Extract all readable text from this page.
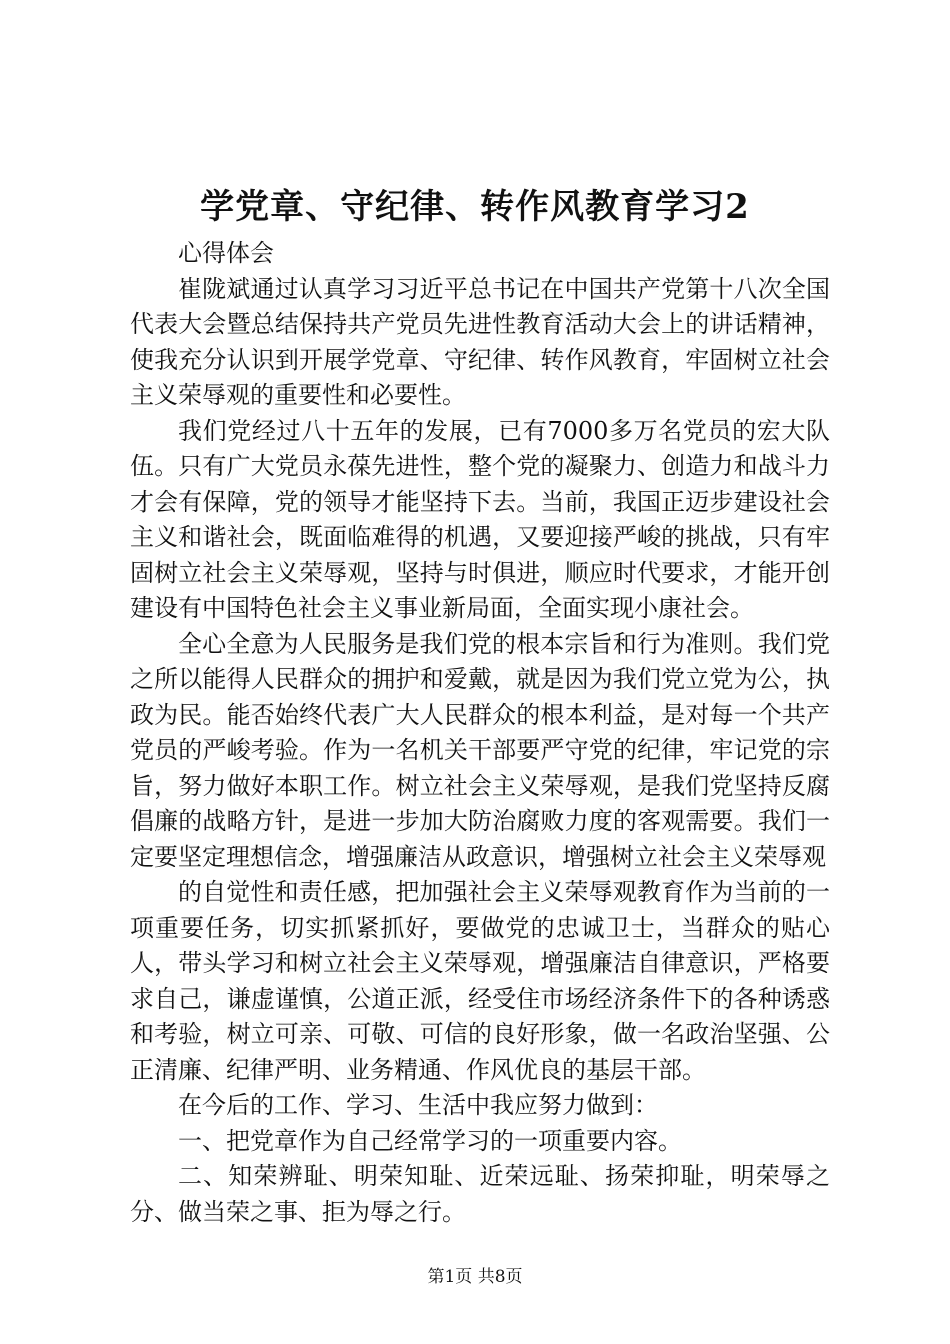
学党章、守纪律、转作风教育学习2

心得体会

崔陇斌通过认真学习习近平总书记在中国共产党第十八次全国代表大会暨总结保持共产党员先进性教育活动大会上的讲话精神，使我充分认识到开展学党章、守纪律、转作风教育，牢固树立社会主义荣辱观的重要性和必要性。

我们党经过八十五年的发展，已有7000多万名党员的宏大队伍。只有广大党员永葆先进性，整个党的凝聚力、创造力和战斗力才会有保障，党的领导才能坚持下去。当前，我国正迈步建设社会主义和谐社会，既面临难得的机遇，又要迎接严峻的挑战，只有牢固树立社会主义荣辱观，坚持与时俱进，顺应时代要求，才能开创建设有中国特色社会主义事业新局面，全面实现小康社会。

全心全意为人民服务是我们党的根本宗旨和行为准则。我们党之所以能得人民群众的拥护和爱戴，就是因为我们党立党为公，执政为民。能否始终代表广大人民群众的根本利益，是对每一个共产党员的严峻考验。作为一名机关干部要严守党的纪律，牢记党的宗旨，努力做好本职工作。树立社会主义荣辱观，是我们党坚持反腐倡廉的战略方针，是进一步加大防治腐败力度的客观需要。我们一定要坚定理想信念，增强廉洁从政意识，增强树立社会主义荣辱观

的自觉性和责任感，把加强社会主义荣辱观教育作为当前的一项重要任务，切实抓紧抓好，要做党的忠诚卫士，当群众的贴心人，带头学习和树立社会主义荣辱观，增强廉洁自律意识，严格要求自己，谦虚谨慎，公道正派，经受住市场经济条件下的各种诱惑和考验，树立可亲、可敬、可信的良好形象，做一名政治坚强、公正清廉、纪律严明、业务精通、作风优良的基层干部。

在今后的工作、学习、生活中我应努力做到：

一、把党章作为自己经常学习的一项重要内容。

二、知荣辨耻、明荣知耻、近荣远耻、扬荣抑耻，明荣辱之分、做当荣之事、拒为辱之行。

第1页 共8页
